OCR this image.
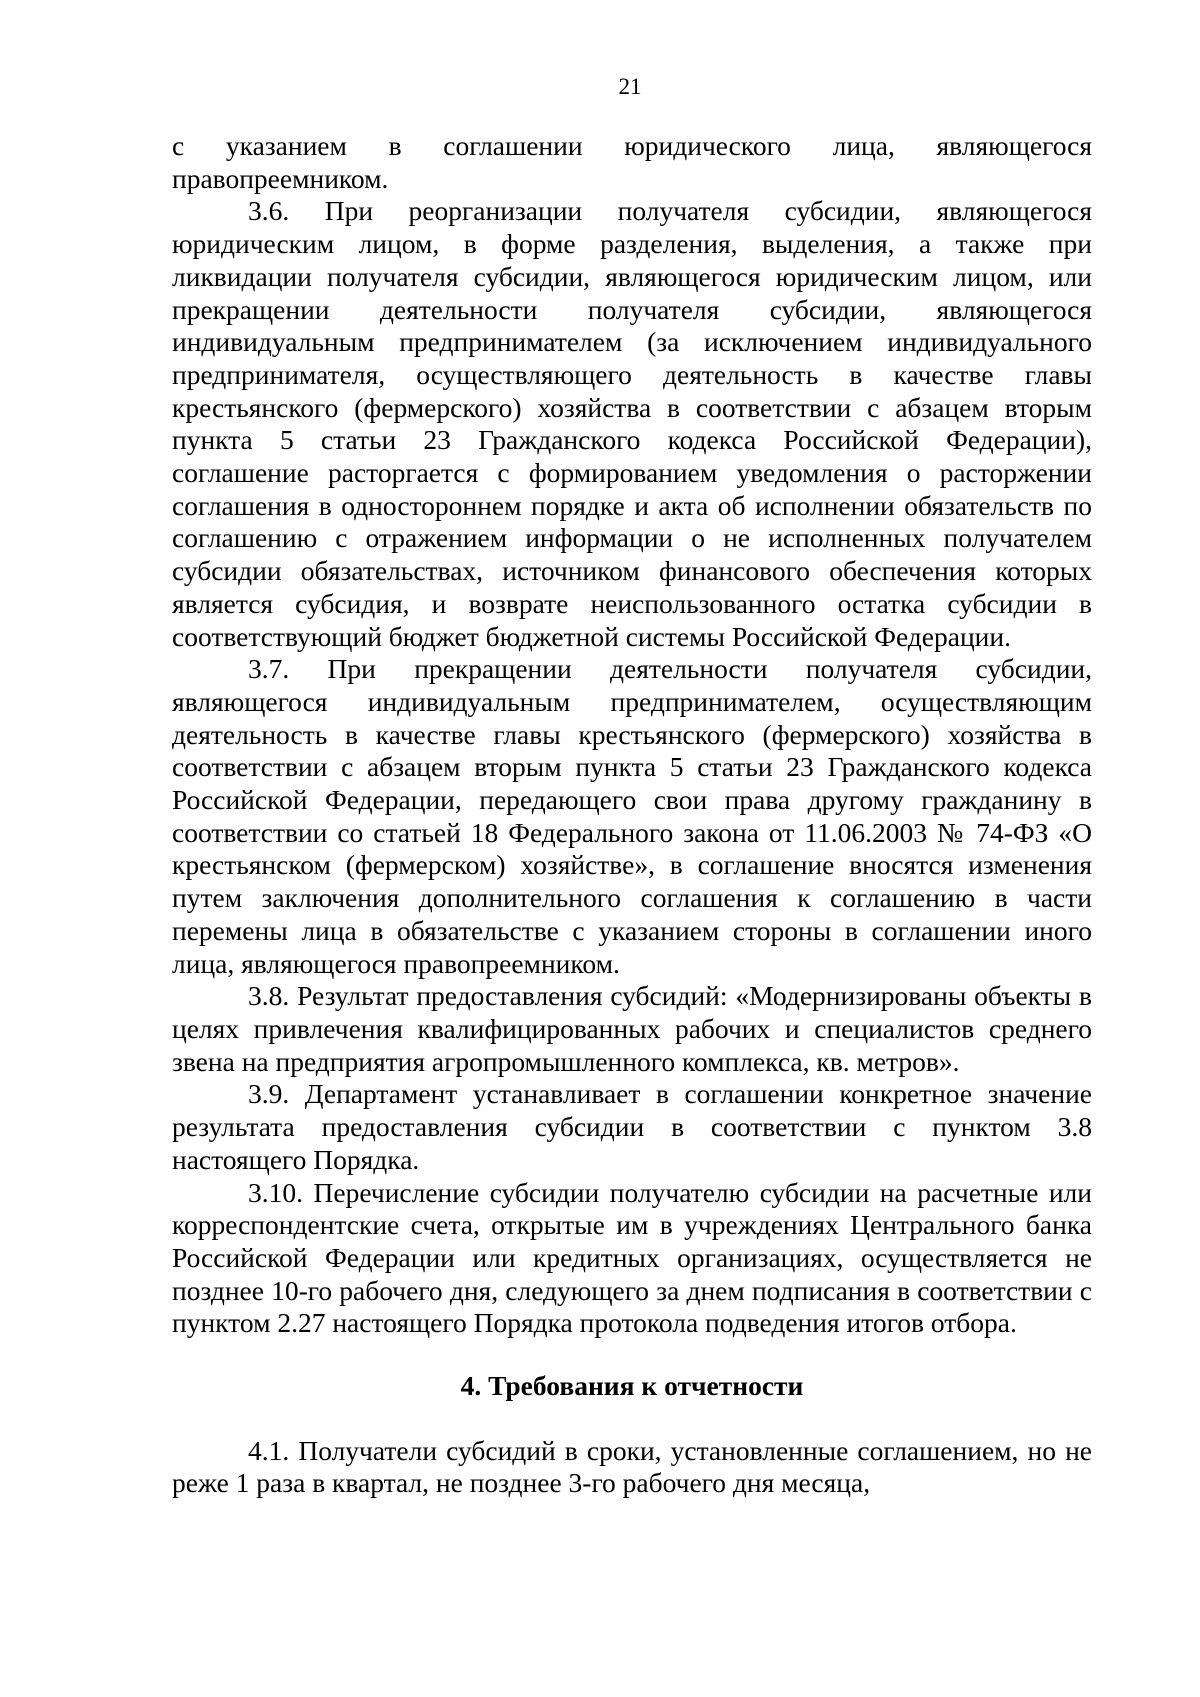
21

с указанием в соглашении юридического лица, являющегося правопреемником.

3.6. При реорганизации получателя субсидии, являющегося юридическим лицом, в форме разделения, выделения, а также при ликвидации получателя субсидии, являющегося юридическим лицом, или прекращении деятельности получателя субсидии, являющегося индивидуальным предпринимателем (за исключением индивидуального предпринимателя, осуществляющего деятельность в качестве главы крестьянского (фермерского) хозяйства в соответствии с абзацем вторым пункта 5 статьи 23 Гражданского кодекса Российской Федерации), соглашение расторгается с формированием уведомления о расторжении соглашения в одностороннем порядке и акта об исполнении обязательств по соглашению с отражением информации о не исполненных получателем субсидии обязательствах, источником финансового обеспечения которых является субсидия, и возврате неиспользованного остатка субсидии в соответствующий бюджет бюджетной системы Российской Федерации.

3.7. При прекращении деятельности получателя субсидии, являющегося индивидуальным предпринимателем, осуществляющим деятельность в качестве главы крестьянского (фермерского) хозяйства в соответствии с абзацем вторым пункта 5 статьи 23 Гражданского кодекса Российской Федерации, передающего свои права другому гражданину в соответствии со статьей 18 Федерального закона от 11.06.2003 № 74-ФЗ «О крестьянском (фермерском) хозяйстве», в соглашение вносятся изменения путем заключения дополнительного соглашения к соглашению в части перемены лица в обязательстве с указанием стороны в соглашении иного лица, являющегося правопреемником.

3.8. Результат предоставления субсидий: «Модернизированы объекты в целях привлечения квалифицированных рабочих и специалистов среднего звена на предприятия агропромышленного комплекса, кв. метров».

3.9. Департамент устанавливает в соглашении конкретное значение результата предоставления субсидии в соответствии с пунктом 3.8 настоящего Порядка.

3.10. Перечисление субсидии получателю субсидии на расчетные или корреспондентские счета, открытые им в учреждениях Центрального банка Российской Федерации или кредитных организациях, осуществляется не позднее 10-го рабочего дня, следующего за днем подписания в соответствии с пунктом 2.27 настоящего Порядка протокола подведения итогов отбора.

4. Требования к отчетности

4.1. Получатели субсидий в сроки, установленные соглашением, но не реже 1 раза в квартал, не позднее 3-го рабочего дня месяца,
